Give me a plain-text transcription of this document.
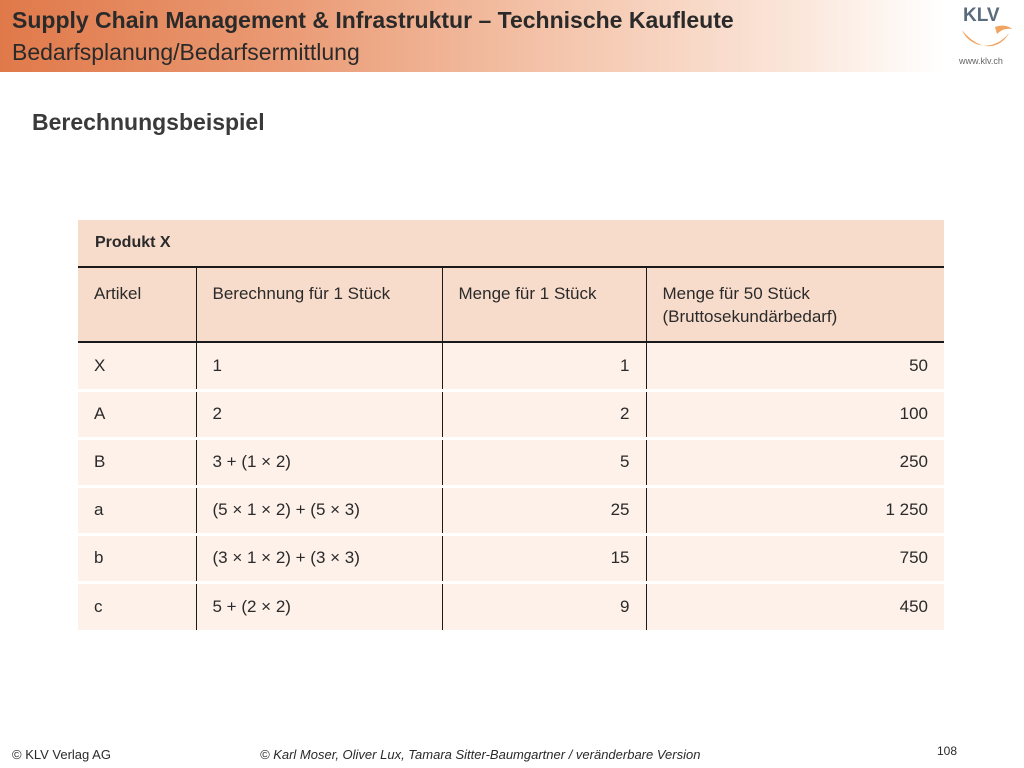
Supply Chain Management & Infrastruktur – Technische Kaufleute
Bedarfsplanung/Bedarfsermittlung
KLV
www.klv.ch
Berechnungsbeispiel
Produkt X
Artikel	Berechnung für 1 Stück	Menge für 1 Stück	Menge für 50 Stück
(Bruttosekundärbedarf)

X	1	1	50
A	2	2	100
B	3 + (1 × 2)	5	250
a	(5 × 1 × 2) + (5 × 3)	25	1 250
b	(3 × 1 × 2) + (3 × 3)	15	750
c	5 + (2 × 2)	9	450
© KLV Verlag AG	© Karl Moser, Oliver Lux, Tamara Sitter-Baumgartner / veränderbare Version	108
